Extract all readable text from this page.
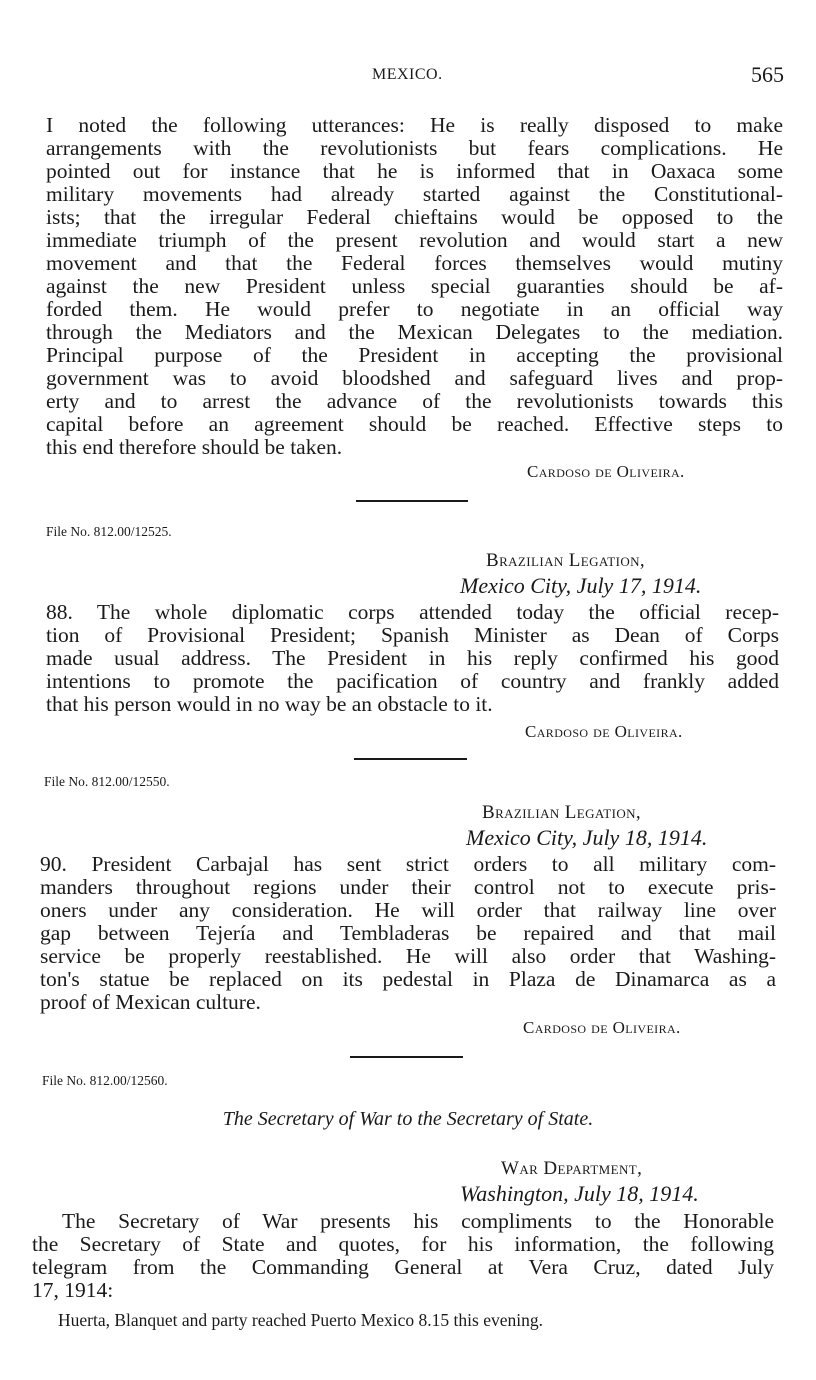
MEXICO.	565
I noted the following utterances: He is really disposed to make
arrangements with the revolutionists but fears complications. He
pointed out for instance that he is informed that in Oaxaca some
military movements had already started against the Constitutional-
ists; that the irregular Federal chieftains would be opposed to the
immediate triumph of the present revolution and would start a new
movement and that the Federal forces themselves would mutiny
against the new President unless special guaranties should be af-
forded them. He would prefer to negotiate in an official way
through the Mediators and the Mexican Delegates to the mediation.
Principal purpose of the President in accepting the provisional
government was to avoid bloodshed and safeguard lives and prop-
erty and to arrest the advance of the revolutionists towards this
capital before an agreement should be reached. Effective steps to
this end therefore should be taken.
Cardoso de Oliveira.
File No. 812.00/12525.
Brazilian Legation,
Mexico City, July 17, 1914.
88. The whole diplomatic corps attended today the official recep-
tion of Provisional President; Spanish Minister as Dean of Corps
made usual address. The President in his reply confirmed his good
intentions to promote the pacification of country and frankly added
that his person would in no way be an obstacle to it.
Cardoso de Oliveira.
File No. 812.00/12550.
Brazilian Legation,
Mexico City, July 18, 1914.
90. President Carbajal has sent strict orders to all military com-
manders throughout regions under their control not to execute pris-
oners under any consideration. He will order that railway line over
gap between Tejería and Tembladeras be repaired and that mail
service be properly reestablished. He will also order that Washing-
ton's statue be replaced on its pedestal in Plaza de Dinamarca as a
proof of Mexican culture.
Cardoso de Oliveira.
File No. 812.00/12560.
The Secretary of War to the Secretary of State.
War Department,
Washington, July 18, 1914.
The Secretary of War presents his compliments to the Honorable
the Secretary of State and quotes, for his information, the following
telegram from the Commanding General at Vera Cruz, dated July
17, 1914:
Huerta, Blanquet and party reached Puerto Mexico 8.15 this evening.
